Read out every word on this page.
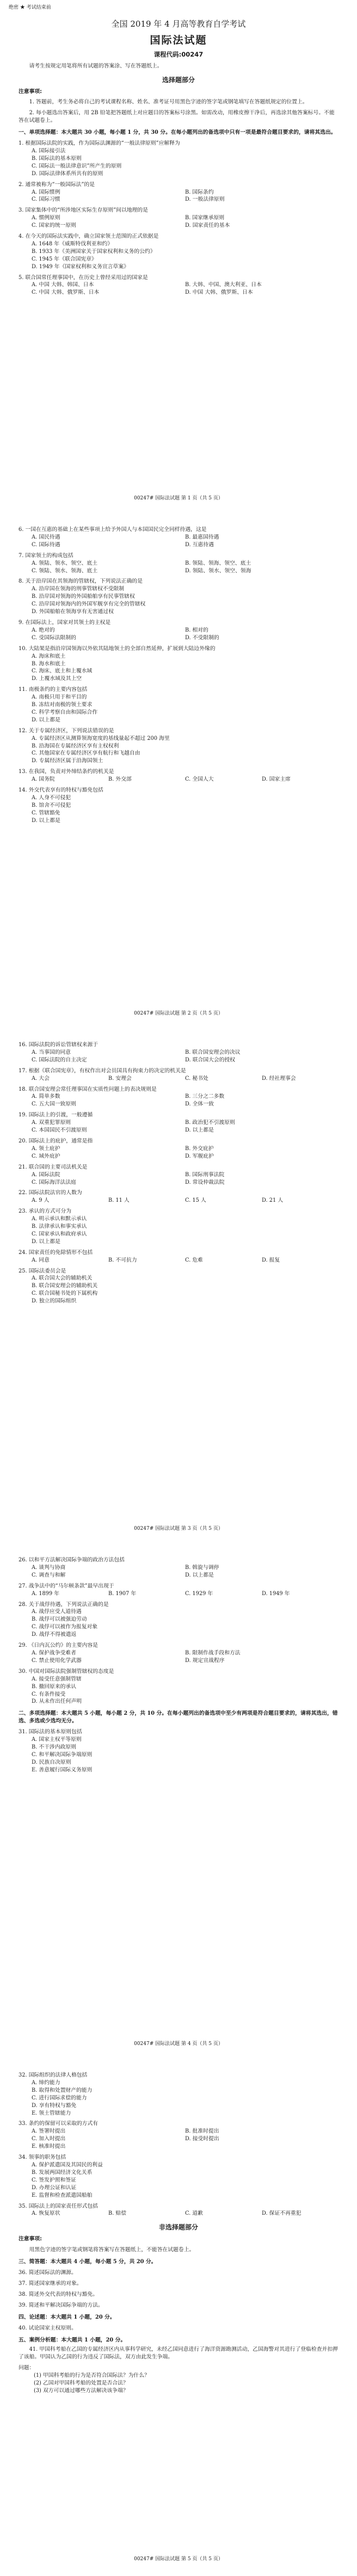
绝密 ★ 考试结束前
全国 2019 年 4 月高等教育自学考试
国际法试题
课程代码:00247
请考生按规定用笔将所有试题的答案涂、写在答题纸上。
选择题部分
注意事项:
1. 答题前，考生务必将自己的考试课程名称、姓名、准考证号用黑色字迹的签字笔或钢笔填写在答题纸规定的位置上。
2. 每小题选出答案后，用 2B 铅笔把答题纸上对应题目的答案标号涂黑。如需改动，用橡皮擦干净后，再选涂其他答案标号。不能答在试题卷上。
一、单项选择题：本大题共 30 小题，每小题 1 分，共 30 分。在每小题列出的备选项中只有一项是最符合题目要求的，请将其选出。
1. 根据国际法院的实践，作为国际法渊源的“一般法律原则”应解释为
A. 国际接引法
B. 国际法的基本原则
C. 国际法一般法律意识”所产生的原则
D. 国际法律体系所共有的原则
2. 通常被称为“一般国际法”的是
A. 国际惯例	B. 国际条约
C. 国际习惯	D. 一般法律原则
3. 国家集体中的“所涉地区实际生存原则”间以地理的是
A. 惯例原则	B. 国家继承原则
C. 国家的统一原则	D. 国家责任的基本
4. 在今天的国际法实践中，确立国家领土范围的正式依据是
A. 1648 年《威斯特伐利亚和约》
B. 1933 年《美洲国家关于国家权利和义务的公约》
C. 1945 年《联合国宪章》
D. 1949 年《国家权利和义务宣言草案》
5. 联合国常任理事国中，在历史上曾经采用过的国家是
A. 中国 大韩、韩国、日本	B. 大韩、中国、澳大利亚、日本
C. 中国 大韩、俄罗斯、日本	D. 中国 大韩、俄罗斯、日本
00247# 国际法试题 第 1 页（共 5 页）
6. 一国在互惠的基础上在某些事项上给予外国人与本国国民完全同样待遇，这是
A. 国民待遇	B. 最惠国待遇
C. 国际待遇	D. 互惠待遇
7. 国家领土的构成包括
A. 领陆、领水、领空、底土	B. 领陆、领海、领空、底土
C. 领陆、领水、领海、底土	D. 领陆、领水、领空、领海
8. 关于沿岸国在其领海的管辖权，下列说法正确的是
A. 沿岸国在领海的刑事管辖权不受限制
B. 沿岸国对领海的外国船舶享有民事管辖权
C. 沿岸国对领海内的外国军舰享有完全的管辖权
D. 外国船舶在领海享有无害通过权
9. 在国际法上，国家对其领土的主权是
A. 绝对的	B. 相对的
C. 受国际法限制的	D. 不受限制的
10. 大陆架是指沿岸国领海以外依其陆地领土的全部自然延伸，扩展到大陆边外缘的
A. 海床和底土
B. 海水和底土
C. 海床、底土和上覆水域
D. 上覆水域及其上空
11. 南极条约的主要内容包括
A. 南极只用于和平目的
B. 冻结对南极的领土要求
C. 科学考察自由和国际合作
D. 以上都是
12. 关于专属经济区，下列说法错误的是
A. 专属经济区从测算领海宽度的基线量起不超过 200 海里
B. 沿海国在专属经济区享有主权权利
C. 其他国家在专属经济区享有航行和飞越自由
D. 专属经济区属于沿海国领土
13. 在我国，负责对外缔结条约的机关是
A. 国务院	B. 外交部	C. 全国人大	D. 国家主席
14. 外交代表享有的特权与豁免包括
A. 人身不可侵犯
B. 馆舍不可侵犯
C. 管辖豁免
D. 以上都是
00247# 国际法试题 第 2 页（共 5 页）
16. 国际法院的诉讼管辖权来源于
A. 当事国的同意	B. 联合国安理会的决议
C. 国际法院的自主决定	D. 联合国大会的授权
17. 根据《联合国宪章》，有权作出对会员国具有拘束力的决定的机关是
A. 大会	B. 安理会	C. 秘书处	D. 经社理事会
18. 联合国安理会常任理事国在实质性问题上的表决规则是
A. 简单多数	B. 三分之二多数
C. 五大国一致原则	D. 全体一致
19. 国际法上的引渡，一般遵循
A. 双重犯罪原则	B. 政治犯不引渡原则
C. 本国国民不引渡原则	D. 以上都是
20. 国际法上的庇护，通常是指
A. 领土庇护	B. 外交庇护
C. 域外庇护	D. 军舰庇护
21. 联合国的主要司法机关是
A. 国际法院	B. 国际刑事法院
C. 国际海洋法法庭	D. 常设仲裁法院
22. 国际法院法官的人数为
A. 9 人	B. 11 人	C. 15 人	D. 21 人
23. 承认的方式可分为
A. 明示承认和默示承认
B. 法律承认和事实承认
C. 国家承认和政府承认
D. 以上都是
24. 国家责任的免除情形不包括
A. 同意	B. 不可抗力	C. 危难	D. 报复
25. 国际法委员会是
A. 联合国大会的辅助机关
B. 联合国安理会的辅助机关
C. 联合国秘书处的下属机构
D. 独立的国际组织
00247# 国际法试题 第 3 页（共 5 页）
26. 以和平方法解决国际争端的政治方法包括
A. 谈判与协商	B. 斡旋与调停
C. 调查与和解	D. 以上都是
27. 战争法中的“马尔顿条款”最早出现于
A. 1899 年	B. 1907 年	C. 1929 年	D. 1949 年
28. 关于战俘待遇，下列说法正确的是
A. 战俘应受人道待遇
B. 战俘可以被强迫劳动
C. 战俘可以被作为报复对象
D. 战俘不得被遣返
29. 《日内瓦公约》的主要内容是
A. 保护战争受难者	B. 限制作战手段和方法
C. 禁止使用化学武器	D. 规定宣战程序
30. 中国对国际法院强制管辖权的态度是
A. 接受任意强制管辖
B. 撤回原来的承认
C. 有条件接受
D. 从未作出任何声明
二、多项选择题：本大题共 5 小题，每小题 2 分，共 10 分。在每小题列出的备选项中至少有两项是符合题目要求的，请将其选出，错选、多选或少选均无分。
31. 国际法的基本原则包括
A. 国家主权平等原则
B. 不干涉内政原则
C. 和平解决国际争端原则
D. 民族自决原则
E. 善意履行国际义务原则
00247# 国际法试题 第 4 页（共 5 页）
32. 国际组织的法律人格包括
A. 缔约能力
B. 取得和处置财产的能力
C. 进行国际求偿的能力
D. 享有特权与豁免
E. 领土管辖能力
33. 条约的保留可以采取的方式有
A. 签署时提出	B. 批准时提出
C. 加入时提出	D. 接受时提出
E. 核准时提出
34. 领事的职务包括
A. 保护派遣国及其国民的利益
B. 发展两国经济文化关系
C. 签发护照和签证
D. 办理公证和认证
E. 监督和检查派遣国船舶
35. 国际法上的国家责任形式包括
A. 恢复原状	B. 赔偿	C. 道歉	D. 保证不再重犯
非选择题部分
注意事项:
用黑色字迹的签字笔或钢笔将答案写在答题纸上，不能答在试题卷上。
三、简答题：本大题共 4 小题，每小题 5 分，共 20 分。
36. 简述国际法的渊源。
37. 简述国家继承的对象。
38. 简述外交代表的特权与豁免。
39. 简述和平解决国际争端的方法。
四、论述题：本大题共 1 小题，20 分。
40. 试论国家主权原则。
五、案例分析题：本大题共 1 小题，20 分。
41. 甲国科考船在乙国的专属经济区内从事科学研究，未经乙国同意进行了海洋资源勘测活动，乙国海警对其进行了登临检查并扣押了该船。甲国认为乙国的行为违反了国际法，双方由此发生争端。
问题：
(1) 甲国科考船的行为是否符合国际法？为什么？
(2) 乙国对甲国科考船的处置是否合法？
(3) 双方可以通过哪些方法解决该争端？
00247# 国际法试题 第 5 页（共 5 页）
